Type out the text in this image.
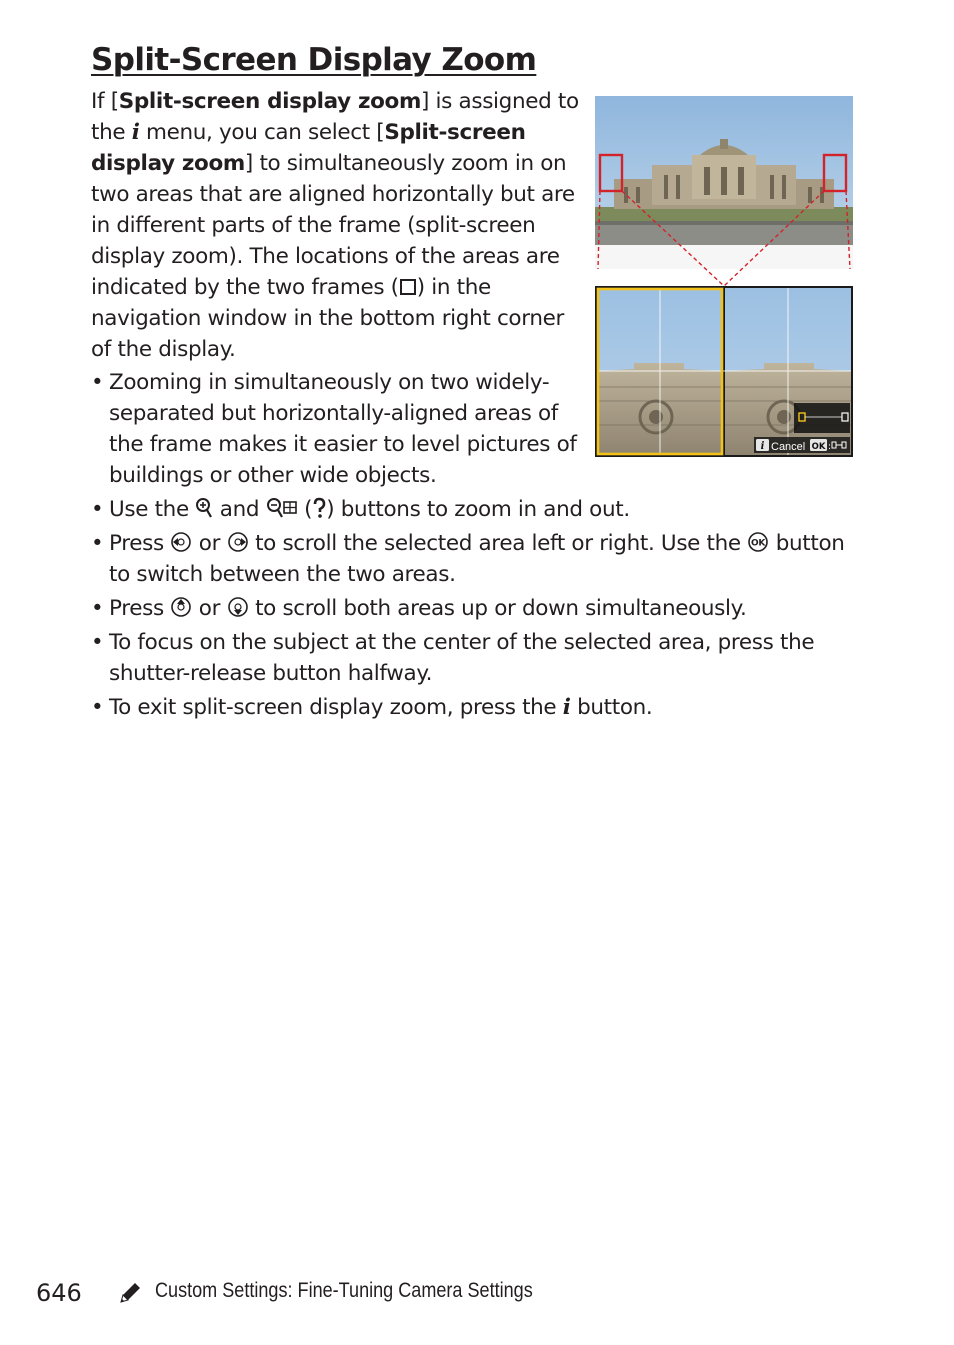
Split-Screen Display Zoom

If [Split-screen display zoom] is assigned to the i menu, you can select [Split-screen display zoom] to simultaneously zoom in on two areas that are aligned horizontally but are in different parts of the frame (split-screen display zoom). The locations of the areas are indicated by the two frames ( ) in the navigation window in the bottom right corner of the display.

• Zooming in simultaneously on two widely-separated but horizontally-aligned areas of the frame makes it easier to level pictures of buildings or other wide objects.
• Use the  and  ( ) buttons to zoom in and out.
• Press  or  to scroll the selected area left or right. Use the OK button to switch between the two areas.
• Press  or  to scroll both areas up or down simultaneously.
• To focus on the subject at the center of the selected area, press the shutter-release button halfway.
• To exit split-screen display zoom, press the i button.
i Cancel OK :
646	Custom Settings: Fine-Tuning Camera Settings
